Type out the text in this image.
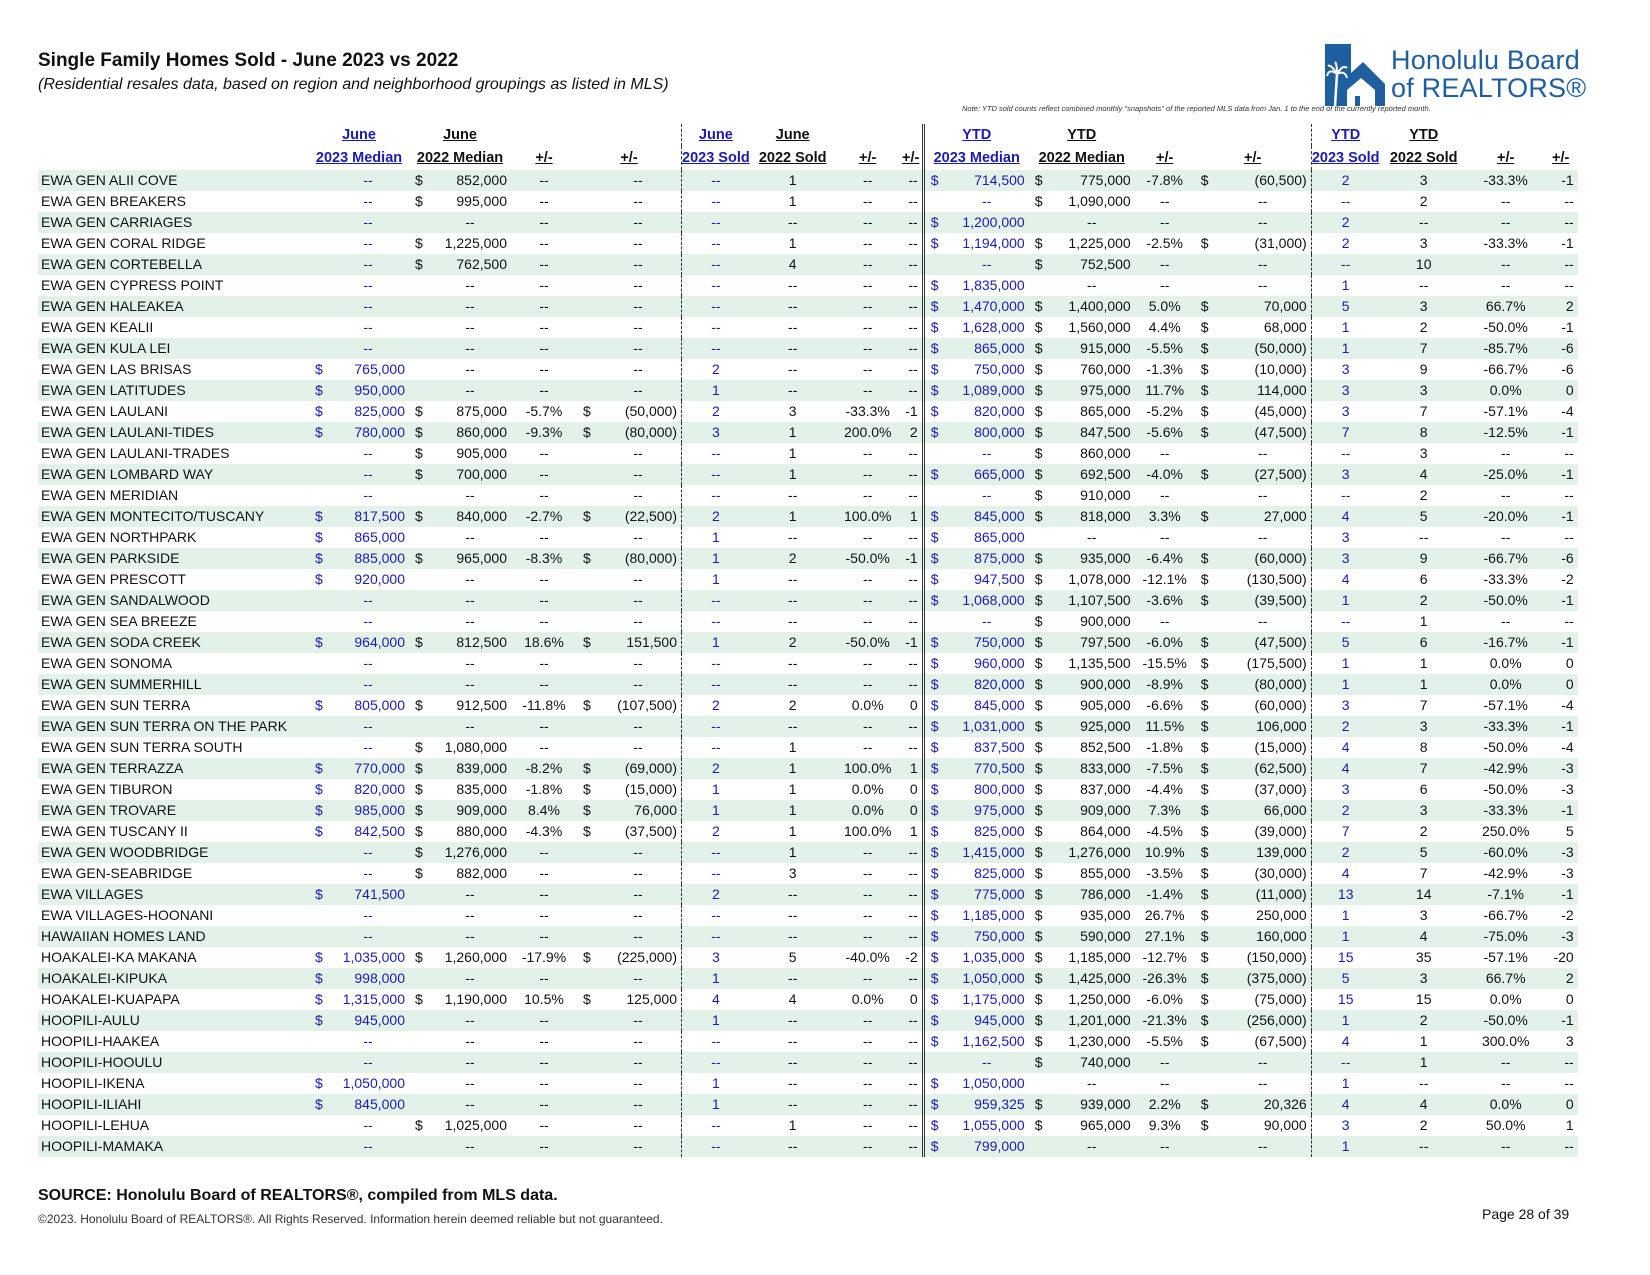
Single Family Homes Sold - June 2023 vs 2022
(Residential resales data, based on region and neighborhood groupings as listed in MLS)
Honolulu Board
of REALTORS®
Note: YTD sold counts reflect combined monthly "snapshots" of the reported MLS data from Jan. 1 to the end of the currently reported month.
	June		June					June	June			YTD		YTD					YTD	YTD		
	2023 Median		2022 Median		+/-	+/-		2023 Sold	2022 Sold	+/-	+/-	2023 Median		2022 Median		+/-	+/-		2023 Sold	2022 Sold	+/-	+/-
EWA GEN ALII COVE		--	$	852,000	--		--	--	1	--	--	$	714,500	$	775,000	-7.8%	$	(60,500)	2	3	-33.3%	-1
EWA GEN BREAKERS		--	$	995,000	--		--	--	1	--	--		--	$	1,090,000	--		--	--	2	--	--
EWA GEN CARRIAGES		--		--	--		--	--	--	--	--	$	1,200,000		--	--		--	2	--	--	--
EWA GEN CORAL RIDGE		--	$	1,225,000	--		--	--	1	--	--	$	1,194,000	$	1,225,000	-2.5%	$	(31,000)	2	3	-33.3%	-1
EWA GEN CORTEBELLA		--	$	762,500	--		--	--	4	--	--		--	$	752,500	--		--	--	10	--	--
EWA GEN CYPRESS POINT		--		--	--		--	--	--	--	--	$	1,835,000		--	--		--	1	--	--	--
EWA GEN HALEAKEA		--		--	--		--	--	--	--	--	$	1,470,000	$	1,400,000	5.0%	$	70,000	5	3	66.7%	2
EWA GEN KEALII		--		--	--		--	--	--	--	--	$	1,628,000	$	1,560,000	4.4%	$	68,000	1	2	-50.0%	-1
EWA GEN KULA LEI		--		--	--		--	--	--	--	--	$	865,000	$	915,000	-5.5%	$	(50,000)	1	7	-85.7%	-6
EWA GEN LAS BRISAS	$	765,000		--	--		--	2	--	--	--	$	750,000	$	760,000	-1.3%	$	(10,000)	3	9	-66.7%	-6
EWA GEN LATITUDES	$	950,000		--	--		--	1	--	--	--	$	1,089,000	$	975,000	11.7%	$	114,000	3	3	0.0%	0
EWA GEN LAULANI	$	825,000	$	875,000	-5.7%	$	(50,000)	2	3	-33.3%	-1	$	820,000	$	865,000	-5.2%	$	(45,000)	3	7	-57.1%	-4
EWA GEN LAULANI-TIDES	$	780,000	$	860,000	-9.3%	$	(80,000)	3	1	200.0%	2	$	800,000	$	847,500	-5.6%	$	(47,500)	7	8	-12.5%	-1
EWA GEN LAULANI-TRADES		--	$	905,000	--		--	--	1	--	--		--	$	860,000	--		--	--	3	--	--
EWA GEN LOMBARD WAY		--	$	700,000	--		--	--	1	--	--	$	665,000	$	692,500	-4.0%	$	(27,500)	3	4	-25.0%	-1
EWA GEN MERIDIAN		--		--	--		--	--	--	--	--		--	$	910,000	--		--	--	2	--	--
EWA GEN MONTECITO/TUSCANY	$	817,500	$	840,000	-2.7%	$	(22,500)	2	1	100.0%	1	$	845,000	$	818,000	3.3%	$	27,000	4	5	-20.0%	-1
EWA GEN NORTHPARK	$	865,000		--	--		--	1	--	--	--	$	865,000		--	--		--	3	--	--	--
EWA GEN PARKSIDE	$	885,000	$	965,000	-8.3%	$	(80,000)	1	2	-50.0%	-1	$	875,000	$	935,000	-6.4%	$	(60,000)	3	9	-66.7%	-6
EWA GEN PRESCOTT	$	920,000		--	--		--	1	--	--	--	$	947,500	$	1,078,000	-12.1%	$	(130,500)	4	6	-33.3%	-2
EWA GEN SANDALWOOD		--		--	--		--	--	--	--	--	$	1,068,000	$	1,107,500	-3.6%	$	(39,500)	1	2	-50.0%	-1
EWA GEN SEA BREEZE		--		--	--		--	--	--	--	--		--	$	900,000	--		--	--	1	--	--
EWA GEN SODA CREEK	$	964,000	$	812,500	18.6%	$	151,500	1	2	-50.0%	-1	$	750,000	$	797,500	-6.0%	$	(47,500)	5	6	-16.7%	-1
EWA GEN SONOMA		--		--	--		--	--	--	--	--	$	960,000	$	1,135,500	-15.5%	$	(175,500)	1	1	0.0%	0
EWA GEN SUMMERHILL		--		--	--		--	--	--	--	--	$	820,000	$	900,000	-8.9%	$	(80,000)	1	1	0.0%	0
EWA GEN SUN TERRA	$	805,000	$	912,500	-11.8%	$	(107,500)	2	2	0.0%	0	$	845,000	$	905,000	-6.6%	$	(60,000)	3	7	-57.1%	-4
EWA GEN SUN TERRA ON THE PARK		--		--	--		--	--	--	--	--	$	1,031,000	$	925,000	11.5%	$	106,000	2	3	-33.3%	-1
EWA GEN SUN TERRA SOUTH		--	$	1,080,000	--		--	--	1	--	--	$	837,500	$	852,500	-1.8%	$	(15,000)	4	8	-50.0%	-4
EWA GEN TERRAZZA	$	770,000	$	839,000	-8.2%	$	(69,000)	2	1	100.0%	1	$	770,500	$	833,000	-7.5%	$	(62,500)	4	7	-42.9%	-3
EWA GEN TIBURON	$	820,000	$	835,000	-1.8%	$	(15,000)	1	1	0.0%	0	$	800,000	$	837,000	-4.4%	$	(37,000)	3	6	-50.0%	-3
EWA GEN TROVARE	$	985,000	$	909,000	8.4%	$	76,000	1	1	0.0%	0	$	975,000	$	909,000	7.3%	$	66,000	2	3	-33.3%	-1
EWA GEN TUSCANY II	$	842,500	$	880,000	-4.3%	$	(37,500)	2	1	100.0%	1	$	825,000	$	864,000	-4.5%	$	(39,000)	7	2	250.0%	5
EWA GEN WOODBRIDGE		--	$	1,276,000	--		--	--	1	--	--	$	1,415,000	$	1,276,000	10.9%	$	139,000	2	5	-60.0%	-3
EWA GEN-SEABRIDGE		--	$	882,000	--		--	--	3	--	--	$	825,000	$	855,000	-3.5%	$	(30,000)	4	7	-42.9%	-3
EWA VILLAGES	$	741,500		--	--		--	2	--	--	--	$	775,000	$	786,000	-1.4%	$	(11,000)	13	14	-7.1%	-1
EWA VILLAGES-HOONANI		--		--	--		--	--	--	--	--	$	1,185,000	$	935,000	26.7%	$	250,000	1	3	-66.7%	-2
HAWAIIAN HOMES LAND		--		--	--		--	--	--	--	--	$	750,000	$	590,000	27.1%	$	160,000	1	4	-75.0%	-3
HOAKALEI-KA MAKANA	$	1,035,000	$	1,260,000	-17.9%	$	(225,000)	3	5	-40.0%	-2	$	1,035,000	$	1,185,000	-12.7%	$	(150,000)	15	35	-57.1%	-20
HOAKALEI-KIPUKA	$	998,000		--	--		--	1	--	--	--	$	1,050,000	$	1,425,000	-26.3%	$	(375,000)	5	3	66.7%	2
HOAKALEI-KUAPAPA	$	1,315,000	$	1,190,000	10.5%	$	125,000	4	4	0.0%	0	$	1,175,000	$	1,250,000	-6.0%	$	(75,000)	15	15	0.0%	0
HOOPILI-AULU	$	945,000		--	--		--	1	--	--	--	$	945,000	$	1,201,000	-21.3%	$	(256,000)	1	2	-50.0%	-1
HOOPILI-HAAKEA		--		--	--		--	--	--	--	--	$	1,162,500	$	1,230,000	-5.5%	$	(67,500)	4	1	300.0%	3
HOOPILI-HOOULU		--		--	--		--	--	--	--	--		--	$	740,000	--		--	--	1	--	--
HOOPILI-IKENA	$	1,050,000		--	--		--	1	--	--	--	$	1,050,000		--	--		--	1	--	--	--
HOOPILI-ILIAHI	$	845,000		--	--		--	1	--	--	--	$	959,325	$	939,000	2.2%	$	20,326	4	4	0.0%	0
HOOPILI-LEHUA		--	$	1,025,000	--		--	--	1	--	--	$	1,055,000	$	965,000	9.3%	$	90,000	3	2	50.0%	1
HOOPILI-MAMAKA		--		--	--		--	--	--	--	--	$	799,000		--	--		--	1	--	--	--
SOURCE: Honolulu Board of REALTORS®, compiled from MLS data.
©2023. Honolulu Board of REALTORS®. All Rights Reserved. Information herein deemed reliable but not guaranteed.	Page 28 of 39
